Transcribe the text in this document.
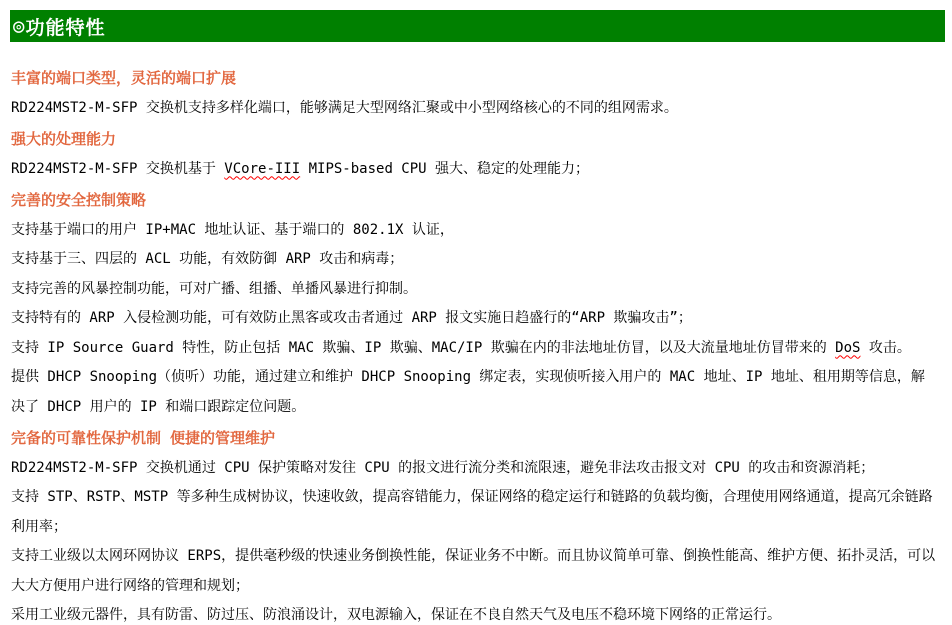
◎ 功能特性

丰富的端口类型，灵活的端口扩展

RD224MST2-M-SFP 交换机支持多样化端口，能够满足大型网络汇聚或中小型网络核心的不同的组网需求。

强大的处理能力

RD224MST2-M-SFP 交换机基于 VCore-III MIPS-based CPU 强大、稳定的处理能力；

完善的安全控制策略

支持基于端口的用户 IP+MAC 地址认证、基于端口的 802.1X 认证，

支持基于三、四层的 ACL 功能，有效防御 ARP 攻击和病毒；

支持完善的风暴控制功能，可对广播、组播、单播风暴进行抑制。

支持特有的 ARP 入侵检测功能，可有效防止黑客或攻击者通过 ARP 报文实施日趋盛行的“ARP 欺骗攻击”；

支持 IP Source Guard 特性，防止包括 MAC 欺骗、IP 欺骗、MAC/IP 欺骗在内的非法地址仿冒，以及大流量地址仿冒带来的 DoS 攻击。

提供 DHCP Snooping（侦听）功能，通过建立和维护 DHCP Snooping 绑定表，实现侦听接入用户的 MAC 地址、IP 地址、租用期等信息，解决了 DHCP 用户的 IP 和端口跟踪定位问题。

完备的可靠性保护机制 便捷的管理维护

RD224MST2-M-SFP 交换机通过 CPU 保护策略对发往 CPU 的报文进行流分类和流限速，避免非法攻击报文对 CPU 的攻击和资源消耗；

支持 STP、RSTP、MSTP 等多种生成树协议，快速收敛，提高容错能力，保证网络的稳定运行和链路的负载均衡，合理使用网络通道，提高冗余链路利用率；

支持工业级以太网环网协议 ERPS，提供毫秒级的快速业务倒换性能，保证业务不中断。而且协议简单可靠、倒换性能高、维护方便、拓扑灵活，可以大大方便用户进行网络的管理和规划；

采用工业级元器件，具有防雷、防过压、防浪涌设计，双电源输入，保证在不良自然天气及电压不稳环境下网络的正常运行。
